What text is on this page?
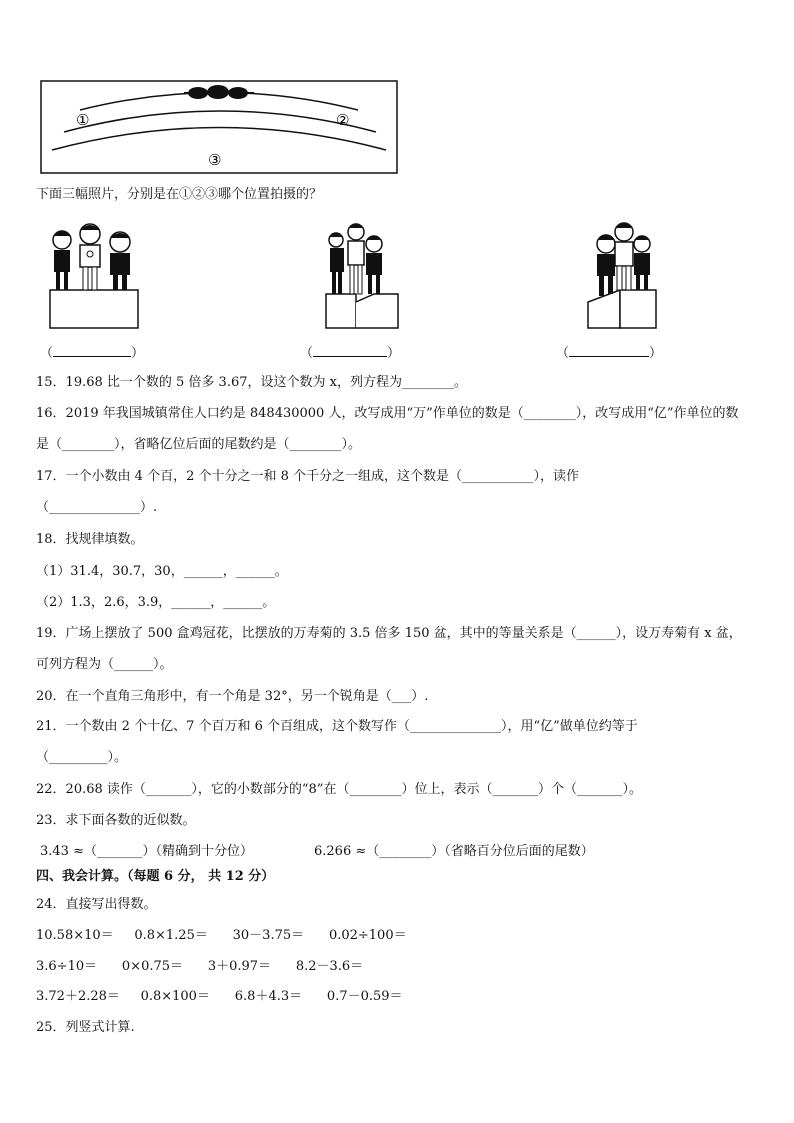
①	②
③
下面三幅照片，分别是在①②③哪个位置拍摄的？
（	）	（	）	（	）
15．19.68 比一个数的 5 倍多 3.67，设这个数为 x，列方程为________。
16．2019 年我国城镇常住人口约是 848430000 人，改写成用“万”作单位的数是（________），改写成用“亿”作单位的数
是（________），省略亿位后面的尾数约是（________）。
17．一个小数由 4 个百，2 个十分之一和 8 个千分之一组成，这个数是（___________），读作
（______________）.
18．找规律填数。
（1）31.4，30.7，30，______，______。
（2）1.3，2.6，3.9，______，______。
19．广场上摆放了 500 盒鸡冠花，比摆放的万寿菊的 3.5 倍多 150 盆，其中的等量关系是（______），设万寿菊有 x 盆，
可列方程为（______）。
20．在一个直角三角形中，有一个角是 32°，另一个锐角是（___）.
21．一个数由 2 个十亿、7 个百万和 6 个百组成，这个数写作（______________），用“亿”做单位约等于
（_________）。
22．20.68 读作（_______），它的小数部分的“8”在（________）位上，表示（_______）个（_______）。
23．求下面各数的近似数。
3.43 ≈（_______）（精确到十分位）	6.266 ≈（________）（省略百分位后面的尾数）
四、我会计算。（每题 6 分， 共 12 分）
24．直接写出得数。
10.58×10＝ 0.8×1.25＝ 30－3.75＝ 0.02÷100＝
3.6÷10＝ 0×0.75＝ 3＋0.97＝ 8.2－3.6＝
3.72＋2.28＝ 0.8×100＝ 6.8＋4.3＝ 0.7－0.59＝
25．列竖式计算.
